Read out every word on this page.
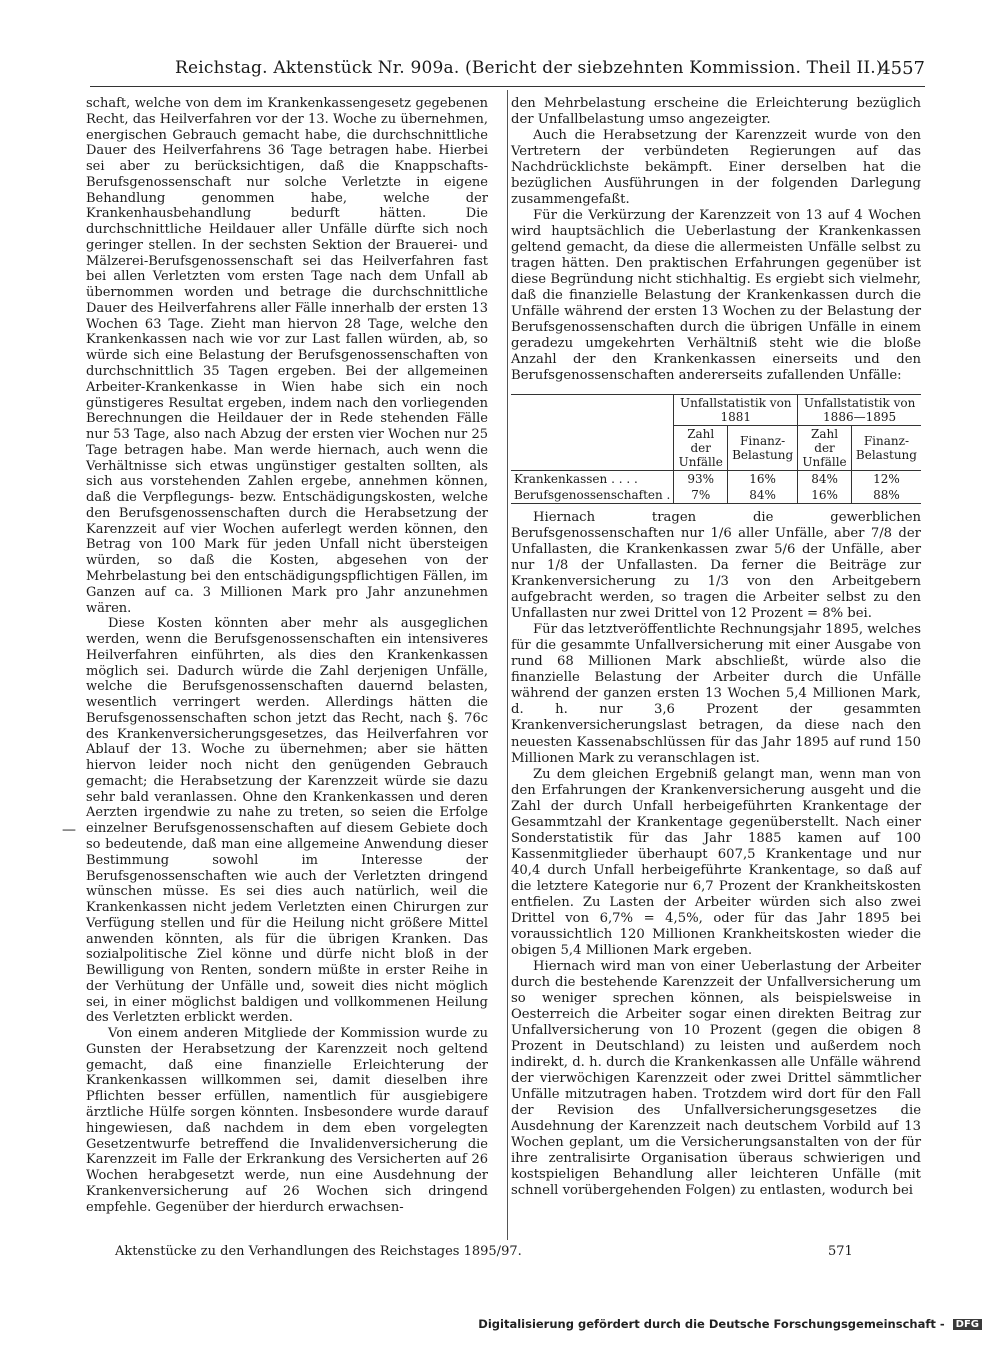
Reichstag. Aktenstück Nr. 909a. (Bericht der siebzehnten Kommission. Theil II.)
4557
—

schaft, welche von dem im Krankenkassengesetz gegebenen Recht, das Heilverfahren vor der 13. Woche zu übernehmen, energischen Gebrauch gemacht habe, die durchschnittliche Dauer des Heilverfahrens 36 Tage betragen habe. Hierbei sei aber zu berücksichtigen, daß die Knappschafts-Berufsgenossenschaft nur solche Verletzte in eigene Behandlung genommen habe, welche der Krankenhausbehandlung bedurft hätten. Die durchschnittliche Heildauer aller Unfälle dürfte sich noch geringer stellen. In der sechsten Sektion der Brauerei- und Mälzerei-Berufsgenossenschaft sei das Heilverfahren fast bei allen Verletzten vom ersten Tage nach dem Unfall ab übernommen worden und betrage die durchschnittliche Dauer des Heilverfahrens aller Fälle innerhalb der ersten 13 Wochen 63 Tage. Zieht man hiervon 28 Tage, welche den Krankenkassen nach wie vor zur Last fallen würden, ab, so würde sich eine Belastung der Berufsgenossenschaften von durchschnittlich 35 Tagen ergeben. Bei der allgemeinen Arbeiter-Krankenkasse in Wien habe sich ein noch günstigeres Resultat ergeben, indem nach den vorliegenden Berechnungen die Heildauer der in Rede stehenden Fälle nur 53 Tage, also nach Abzug der ersten vier Wochen nur 25 Tage betragen habe. Man werde hiernach, auch wenn die Verhältnisse sich etwas ungünstiger gestalten sollten, als sich aus vorstehenden Zahlen ergebe, annehmen können, daß die Verpflegungs- bezw. Entschädigungskosten, welche den Berufsgenossenschaften durch die Herabsetzung der Karenzzeit auf vier Wochen auferlegt werden können, den Betrag von 100 Mark für jeden Unfall nicht übersteigen würden, so daß die Kosten, abgesehen von der Mehrbelastung bei den entschädigungspflichtigen Fällen, im Ganzen auf ca. 3 Millionen Mark pro Jahr anzunehmen wären.

Diese Kosten könnten aber mehr als ausgeglichen werden, wenn die Berufsgenossenschaften ein intensiveres Heilverfahren einführten, als dies den Krankenkassen möglich sei. Dadurch würde die Zahl derjenigen Unfälle, welche die Berufsgenossenschaften dauernd belasten, wesentlich verringert werden. Allerdings hätten die Berufsgenossenschaften schon jetzt das Recht, nach §. 76c des Krankenversicherungsgesetzes, das Heilverfahren vor Ablauf der 13. Woche zu übernehmen; aber sie hätten hiervon leider noch nicht den genügenden Gebrauch gemacht; die Herabsetzung der Karenzzeit würde sie dazu sehr bald veranlassen. Ohne den Krankenkassen und deren Aerzten irgendwie zu nahe zu treten, so seien die Erfolge einzelner Berufsgenossenschaften auf diesem Gebiete doch so bedeutende, daß man eine allgemeine Anwendung dieser Bestimmung sowohl im Interesse der Berufsgenossenschaften wie auch der Verletzten dringend wünschen müsse. Es sei dies auch natürlich, weil die Krankenkassen nicht jedem Verletzten einen Chirurgen zur Verfügung stellen und für die Heilung nicht größere Mittel anwenden könnten, als für die übrigen Kranken. Das sozialpolitische Ziel könne und dürfe nicht bloß in der Bewilligung von Renten, sondern müßte in erster Reihe in der Verhütung der Unfälle und, soweit dies nicht möglich sei, in einer möglichst baldigen und vollkommenen Heilung des Verletzten erblickt werden.

Von einem anderen Mitgliede der Kommission wurde zu Gunsten der Herabsetzung der Karenzzeit noch geltend gemacht, daß eine finanzielle Erleichterung der Krankenkassen willkommen sei, damit dieselben ihre Pflichten besser erfüllen, namentlich für ausgiebigere ärztliche Hülfe sorgen könnten. Insbesondere wurde darauf hingewiesen, daß nachdem in dem eben vorgelegten Gesetzentwurfe betreffend die Invalidenversicherung die Karenzzeit im Falle der Erkrankung des Versicherten auf 26 Wochen herabgesetzt werde, nun eine Ausdehnung der Krankenversicherung auf 26 Wochen sich dringend empfehle. Gegenüber der hierdurch erwachsen-

den Mehrbelastung erscheine die Erleichterung bezüglich der Unfallbelastung umso angezeigter.

Auch die Herabsetzung der Karenzzeit wurde von den Vertretern der verbündeten Regierungen auf das Nachdrücklichste bekämpft. Einer derselben hat die bezüglichen Ausführungen in der folgenden Darlegung zusammengefaßt.

Für die Verkürzung der Karenzzeit von 13 auf 4 Wochen wird hauptsächlich die Ueberlastung der Krankenkassen geltend gemacht, da diese die allermeisten Unfälle selbst zu tragen hätten. Den praktischen Erfahrungen gegenüber ist diese Begründung nicht stichhaltig. Es ergiebt sich vielmehr, daß die finanzielle Belastung der Krankenkassen durch die Unfälle während der ersten 13 Wochen zu der Belastung der Berufsgenossenschaften durch die übrigen Unfälle in einem geradezu umgekehrten Verhältniß steht wie die bloße Anzahl der den Krankenkassen einerseits und den Berufsgenossenschaften andererseits zufallenden Unfälle:

	Unfallstatistik von 1881		Unfallstatistik von 1886—1895	
	Zahl der Unfälle	Finanz-Belastung	Zahl der Unfälle	Finanz-Belastung
Krankenkassen . . . .	93%	16%	84%	12%
Berufsgenossenschaften .	7%	84%	16%	88%

Hiernach tragen die gewerblichen Berufsgenossenschaften nur 1/6 aller Unfälle, aber 7/8 der Unfallasten, die Krankenkassen zwar 5/6 der Unfälle, aber nur 1/8 der Unfallasten. Da ferner die Beiträge zur Krankenversicherung zu 1/3 von den Arbeitgebern aufgebracht werden, so tragen die Arbeiter selbst zu den Unfallasten nur zwei Drittel von 12 Prozent = 8% bei.

Für das letztveröffentlichte Rechnungsjahr 1895, welches für die gesammte Unfallversicherung mit einer Ausgabe von rund 68 Millionen Mark abschließt, würde also die finanzielle Belastung der Arbeiter durch die Unfälle während der ganzen ersten 13 Wochen 5,4 Millionen Mark, d. h. nur 3,6 Prozent der gesammten Krankenversicherungslast betragen, da diese nach den neuesten Kassenabschlüssen für das Jahr 1895 auf rund 150 Millionen Mark zu veranschlagen ist.

Zu dem gleichen Ergebniß gelangt man, wenn man von den Erfahrungen der Krankenversicherung ausgeht und die Zahl der durch Unfall herbeigeführten Krankentage der Gesammtzahl der Krankentage gegenüberstellt. Nach einer Sonderstatistik für das Jahr 1885 kamen auf 100 Kassenmitglieder überhaupt 607,5 Krankentage und nur 40,4 durch Unfall herbeigeführte Krankentage, so daß auf die letztere Kategorie nur 6,7 Prozent der Krankheitskosten entfielen. Zu Lasten der Arbeiter würden sich also zwei Drittel von 6,7% = 4,5%, oder für das Jahr 1895 bei voraussichtlich 120 Millionen Krankheitskosten wieder die obigen 5,4 Millionen Mark ergeben.

Hiernach wird man von einer Ueberlastung der Arbeiter durch die bestehende Karenzzeit der Unfallversicherung um so weniger sprechen können, als beispielsweise in Oesterreich die Arbeiter sogar einen direkten Beitrag zur Unfallversicherung von 10 Prozent (gegen die obigen 8 Prozent in Deutschland) zu leisten und außerdem noch indirekt, d. h. durch die Krankenkassen alle Unfälle während der vierwöchigen Karenzzeit oder zwei Drittel sämmtlicher Unfälle mitzutragen haben. Trotzdem wird dort für den Fall der Revision des Unfallversicherungsgesetzes die Ausdehnung der Karenzzeit nach deutschem Vorbild auf 13 Wochen geplant, um die Versicherungsanstalten von der für ihre zentralisirte Organisation überaus schwierigen und kostspieligen Behandlung aller leichteren Unfälle (mit schnell vorübergehenden Folgen) zu entlasten, wodurch bei

Aktenstücke zu den Verhandlungen des Reichstages 1895/97.	571
Digitalisierung gefördert durch die Deutsche Forschungsgemeinschaft - DFG
